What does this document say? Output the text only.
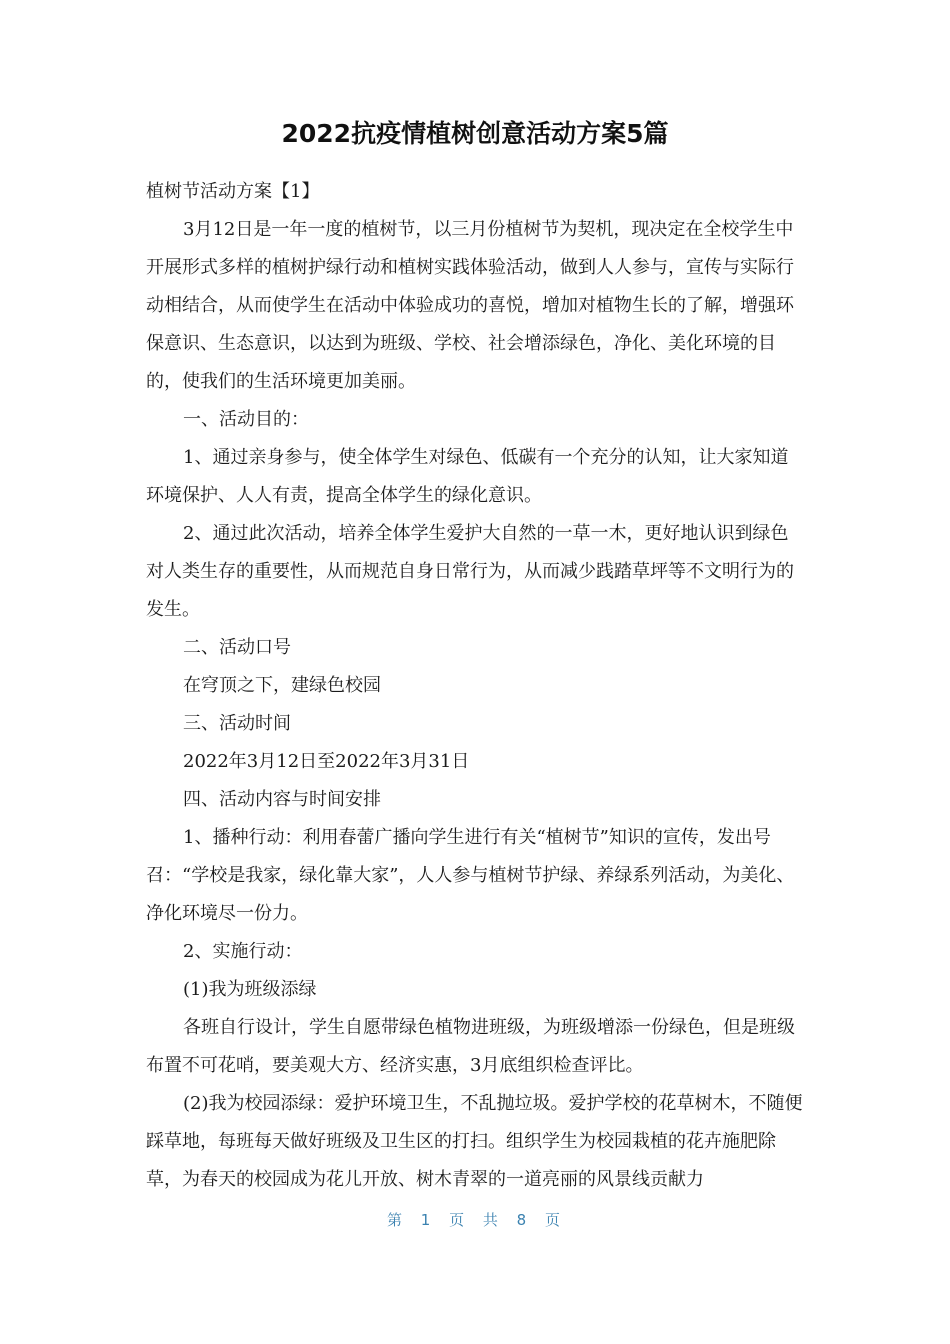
2022抗疫情植树创意活动方案5篇

植树节活动方案【1】

3月12日是一年一度的植树节，以三月份植树节为契机，现决定在全校学生中开展形式多样的植树护绿行动和植树实践体验活动，做到人人参与，宣传与实际行动相结合，从而使学生在活动中体验成功的喜悦，增加对植物生长的了解，增强环保意识、生态意识，以达到为班级、学校、社会增添绿色，净化、美化环境的目的，使我们的生活环境更加美丽。

一、活动目的：

1、通过亲身参与，使全体学生对绿色、低碳有一个充分的认知，让大家知道环境保护、人人有责，提高全体学生的绿化意识。

2、通过此次活动，培养全体学生爱护大自然的一草一木，更好地认识到绿色对人类生存的重要性，从而规范自身日常行为，从而减少践踏草坪等不文明行为的发生。

二、活动口号

在穹顶之下，建绿色校园

三、活动时间

2022年3月12日至2022年3月31日

四、活动内容与时间安排

1、播种行动：利用春蕾广播向学生进行有关“植树节”知识的宣传，发出号召：“学校是我家，绿化靠大家”，人人参与植树节护绿、养绿系列活动，为美化、净化环境尽一份力。

2、实施行动：

(1)我为班级添绿

各班自行设计，学生自愿带绿色植物进班级，为班级增添一份绿色，但是班级布置不可花哨，要美观大方、经济实惠，3月底组织检查评比。

(2)我为校园添绿：爱护环境卫生，不乱抛垃圾。爱护学校的花草树木，不随便踩草地，每班每天做好班级及卫生区的打扫。组织学生为校园栽植的花卉施肥除草，为春天的校园成为花儿开放、树木青翠的一道亮丽的风景线贡献力

第 1 页 共 8 页
